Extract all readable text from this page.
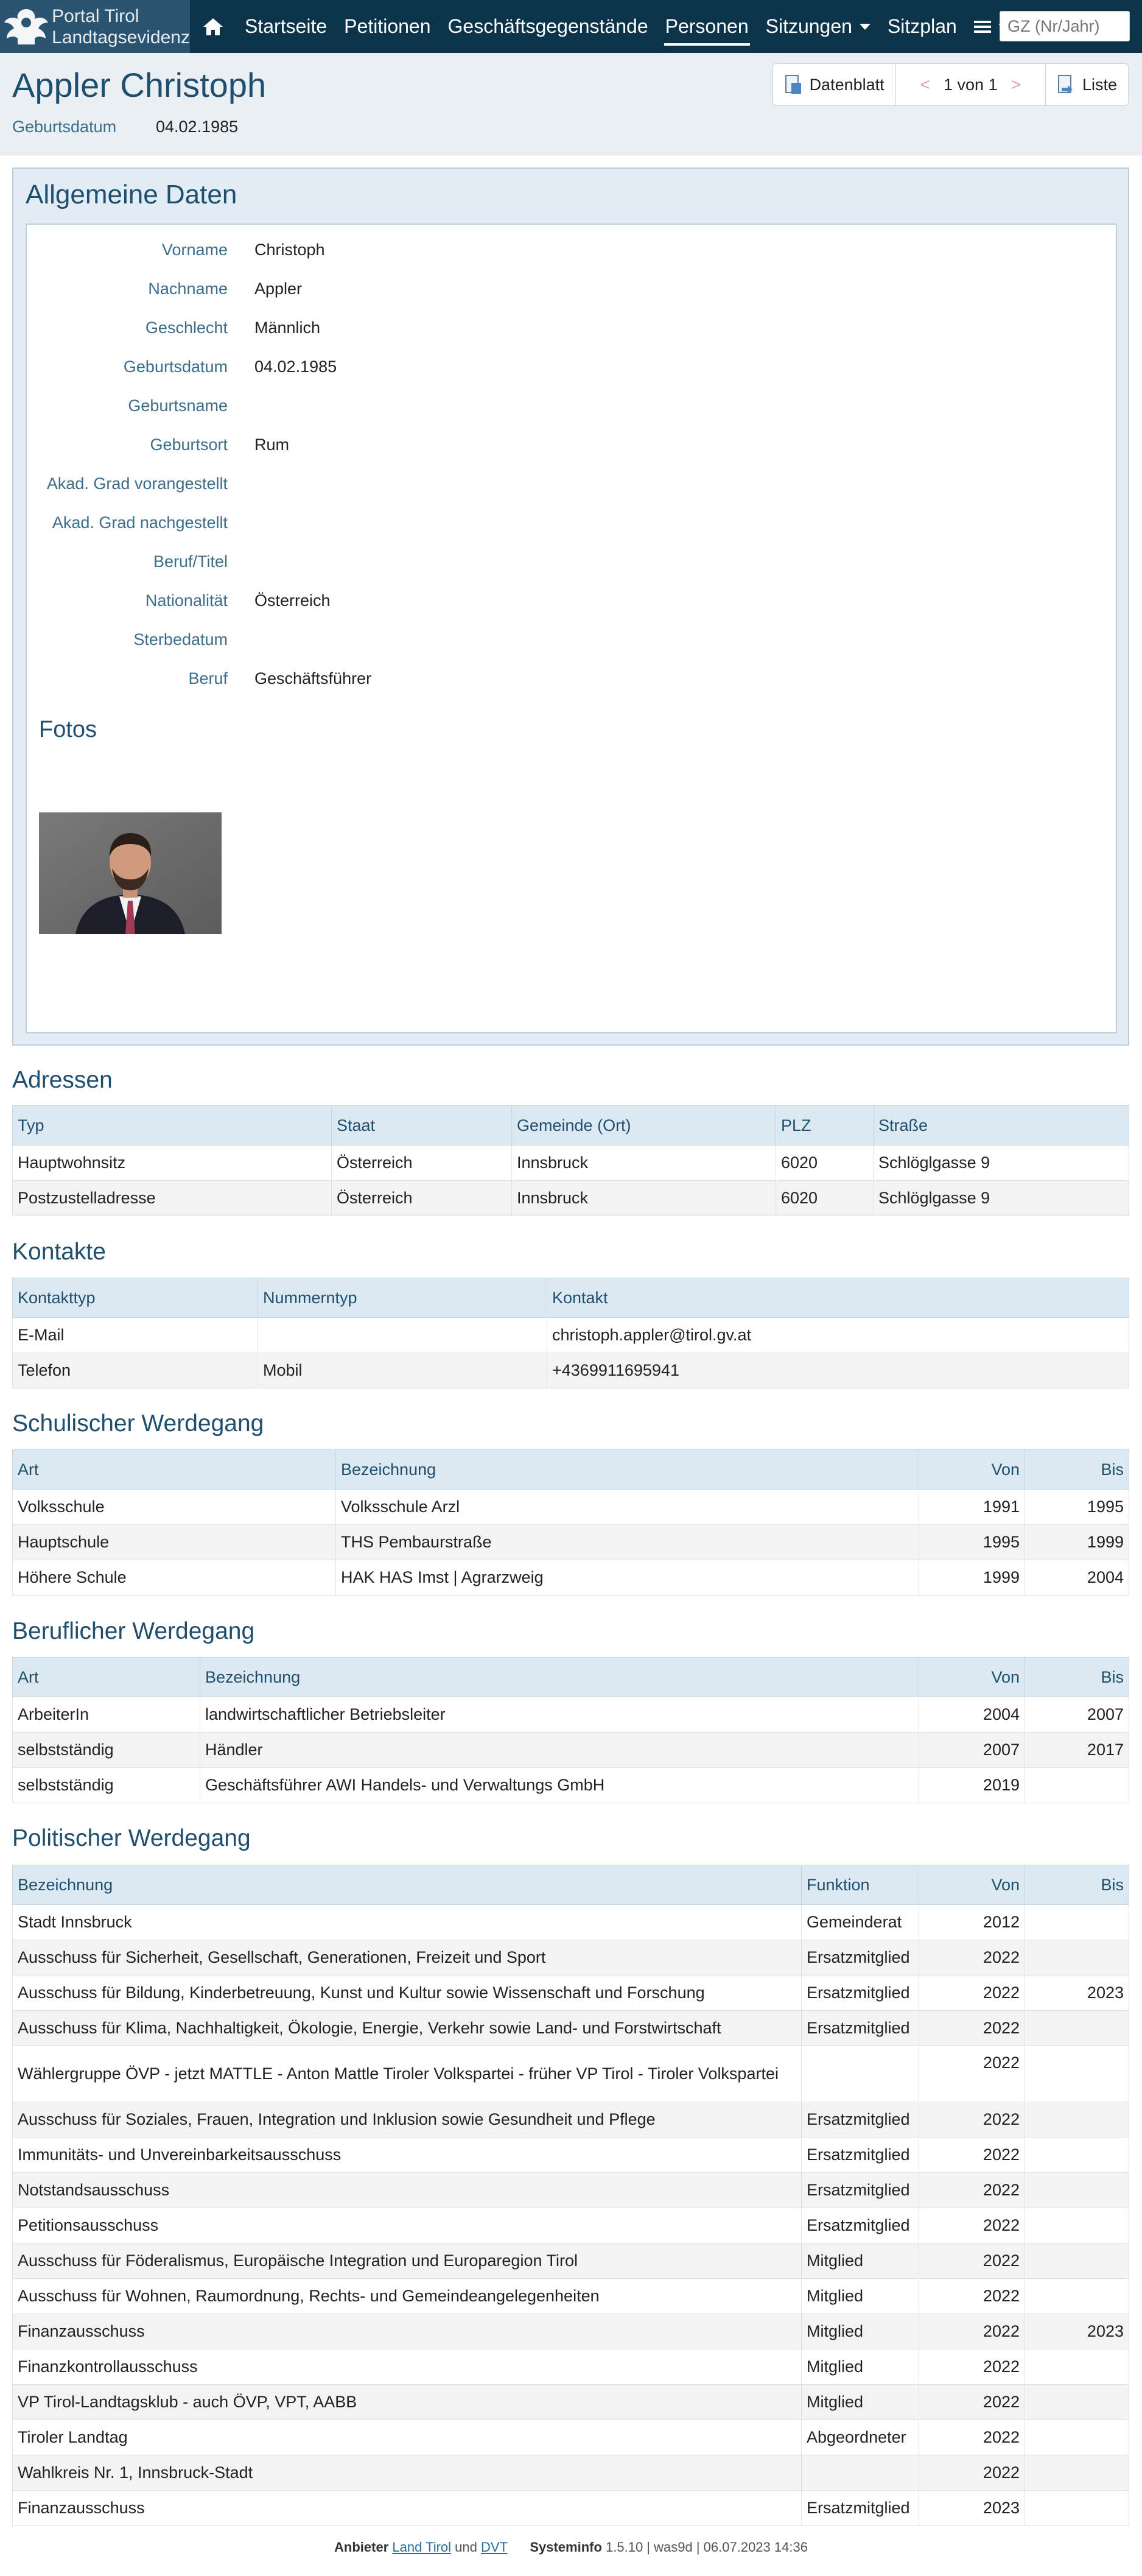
Portal Tirol
Landtagsevidenz	Startseite Petitionen Geschäftsgegenstände Personen Sitzungen	Sitzplan
GZ (Nr/Jahr)
Appler Christoph
Geburtsdatum 04.02.1985
Datenblatt < 1 von 1 >	Liste
Allgemeine Daten
Vorname Christoph
Nachname Appler
Geschlecht Männlich
Geburtsdatum 04.02.1985
Geburtsname
Geburtsort Rum
Akad. Grad vorangestellt
Akad. Grad nachgestellt
Beruf/Titel
Nationalität Österreich
Sterbedatum
Beruf Geschäftsführer
Fotos
Adressen
Typ	Staat	Gemeinde (Ort)	PLZ	Straße
Hauptwohnsitz	Österreich	Innsbruck	6020	Schlöglgasse 9
Postzustelladresse	Österreich	Innsbruck	6020	Schlöglgasse 9
Kontakte
Kontakttyp	Nummerntyp	Kontakt
E-Mail		christoph.appler@tirol.gv.at
Telefon	Mobil	+4369911695941
Schulischer Werdegang
Art	Bezeichnung	Von	Bis
Volksschule	Volksschule Arzl	1991	1995
Hauptschule	THS Pembaurstraße	1995	1999
Höhere Schule	HAK HAS Imst | Agrarzweig	1999	2004
Beruflicher Werdegang
Art	Bezeichnung	Von	Bis
ArbeiterIn	landwirtschaftlicher Betriebsleiter	2004	2007
selbstständig	Händler	2007	2017
selbstständig	Geschäftsführer AWI Handels- und Verwaltungs GmbH	2019	
Politischer Werdegang
Bezeichnung	Funktion	Von	Bis
Stadt Innsbruck	Gemeinderat	2012	
Ausschuss für Sicherheit, Gesellschaft, Generationen, Freizeit und Sport	Ersatzmitglied	2022	
Ausschuss für Bildung, Kinderbetreuung, Kunst und Kultur sowie Wissenschaft und Forschung	Ersatzmitglied	2022	2023
Ausschuss für Klima, Nachhaltigkeit, Ökologie, Energie, Verkehr sowie Land- und Forstwirtschaft	Ersatzmitglied	2022	
Wählergruppe ÖVP - jetzt MATTLE - Anton Mattle Tiroler Volkspartei - früher VP Tirol - Tiroler Volkspartei		2022	
Ausschuss für Soziales, Frauen, Integration und Inklusion sowie Gesundheit und Pflege	Ersatzmitglied	2022	
Immunitäts- und Unvereinbarkeitsausschuss	Ersatzmitglied	2022	
Notstandsausschuss	Ersatzmitglied	2022	
Petitionsausschuss	Ersatzmitglied	2022	
Ausschuss für Föderalismus, Europäische Integration und Europaregion Tirol	Mitglied	2022	
Ausschuss für Wohnen, Raumordnung, Rechts- und Gemeindeangelegenheiten	Mitglied	2022	
Finanzausschuss	Mitglied	2022	2023
Finanzkontrollausschuss	Mitglied	2022	
VP Tirol-Landtagsklub - auch ÖVP, VPT, AABB	Mitglied	2022	
Tiroler Landtag	Abgeordneter	2022	
Wahlkreis Nr. 1, Innsbruck-Stadt		2022	
Finanzausschuss	Ersatzmitglied	2023	
Anbieter Land Tirol und DVT Systeminfo 1.5.10 | was9d | 06.07.2023 14:36
